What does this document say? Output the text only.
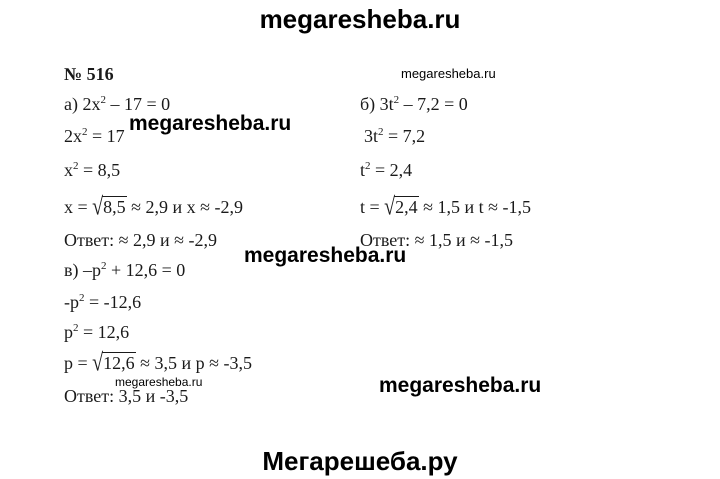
megaresheba.ru
megaresheba.ru
№ 516
а) $2x^2 - 17 = 0$
$2x^2 = 17$
$x^2 = 8,5$
x = √8,5 ≈ 2,9 и x ≈ -2,9
Ответ: ≈ 2,9 и ≈ -2,9
б) $3t^2 - 7,2 = 0$
$3t^2 = 7,2$
$t^2 = 2,4$
t = √2,4 ≈ 1,5 и t ≈ -1,5
Ответ: ≈ 1,5 и ≈ -1,5
в) $-p^2 + 12,6 = 0$
$-p^2 = -12,6$
$p^2 = 12,6$
p = √12,6 ≈ 3,5 и p ≈ -3,5
Ответ: 3,5 и -3,5
megaresheba.ru
megaresheba.ru
megaresheba.ru	megaresheba.ru
Мегарешеба.ру
